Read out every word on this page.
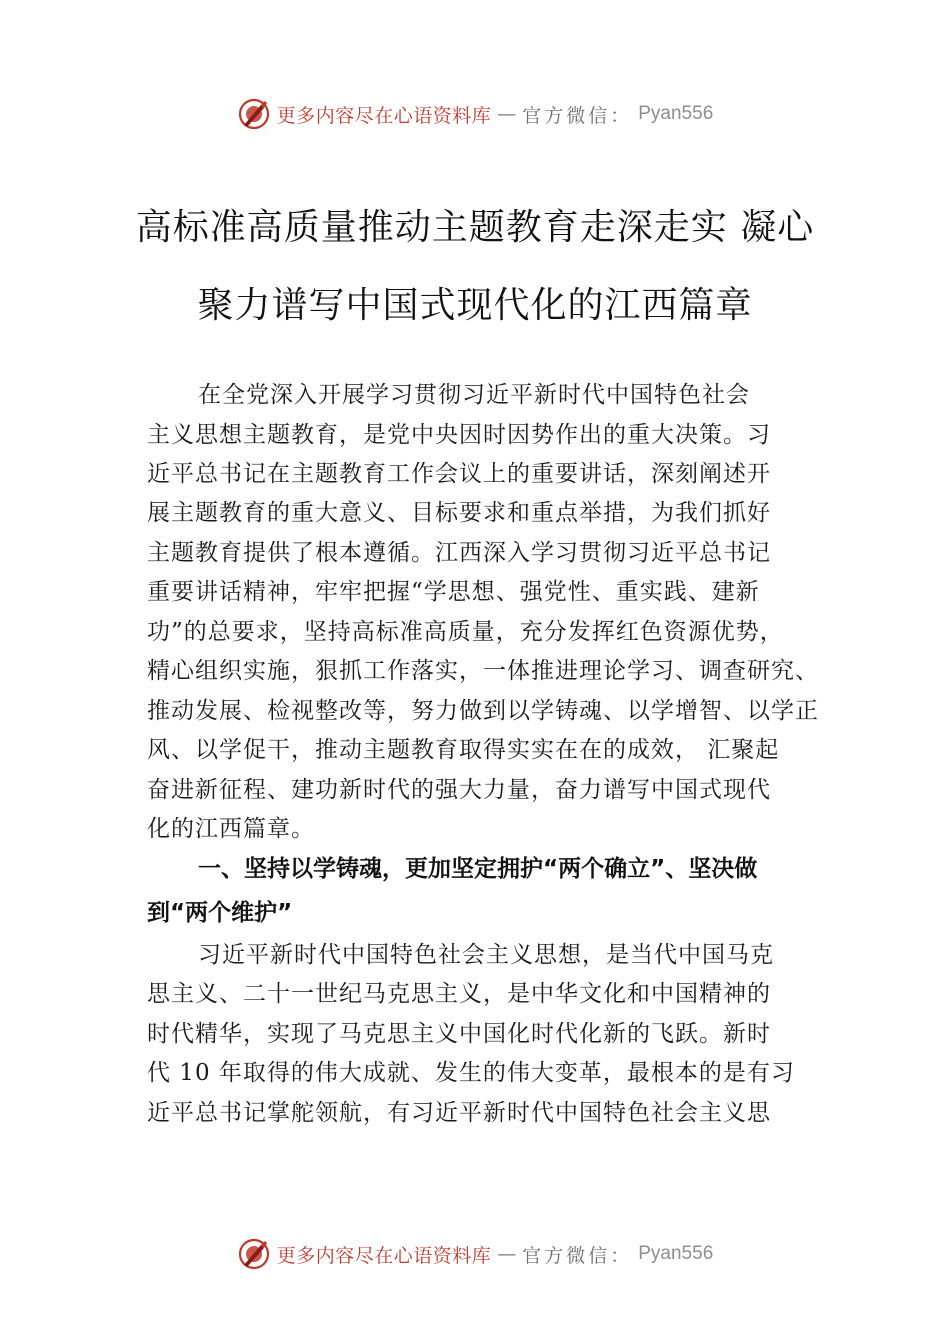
更多内容尽在心语资料库 — 官方微信： Pyan556
高标准高质量推动主题教育走深走实 凝心
聚力谱写中国式现代化的江西篇章
在全党深入开展学习贯彻习近平新时代中国特色社会
主义思想主题教育，是党中央因时因势作出的重大决策。习
近平总书记在主题教育工作会议上的重要讲话，深刻阐述开
展主题教育的重大意义、目标要求和重点举措，为我们抓好
主题教育提供了根本遵循。江西深入学习贯彻习近平总书记
重要讲话精神，牢牢把握“学思想、强党性、重实践、建新
功”的总要求，坚持高标准高质量，充分发挥红色资源优势，
精心组织实施，狠抓工作落实，一体推进理论学习、调查研究、
推动发展、检视整改等，努力做到以学铸魂、以学增智、以学正
风、以学促干，推动主题教育取得实实在在的成效， 汇聚起
奋进新征程、建功新时代的强大力量，奋力谱写中国式现代
化的江西篇章。
一、坚持以学铸魂，更加坚定拥护“两个确立”、坚决做
到“两个维护”
习近平新时代中国特色社会主义思想，是当代中国马克
思主义、二十一世纪马克思主义，是中华文化和中国精神的
时代精华，实现了马克思主义中国化时代化新的飞跃。新时
代 10 年取得的伟大成就、发生的伟大变革，最根本的是有习
近平总书记掌舵领航，有习近平新时代中国特色社会主义思
更多内容尽在心语资料库 — 官方微信： Pyan556
